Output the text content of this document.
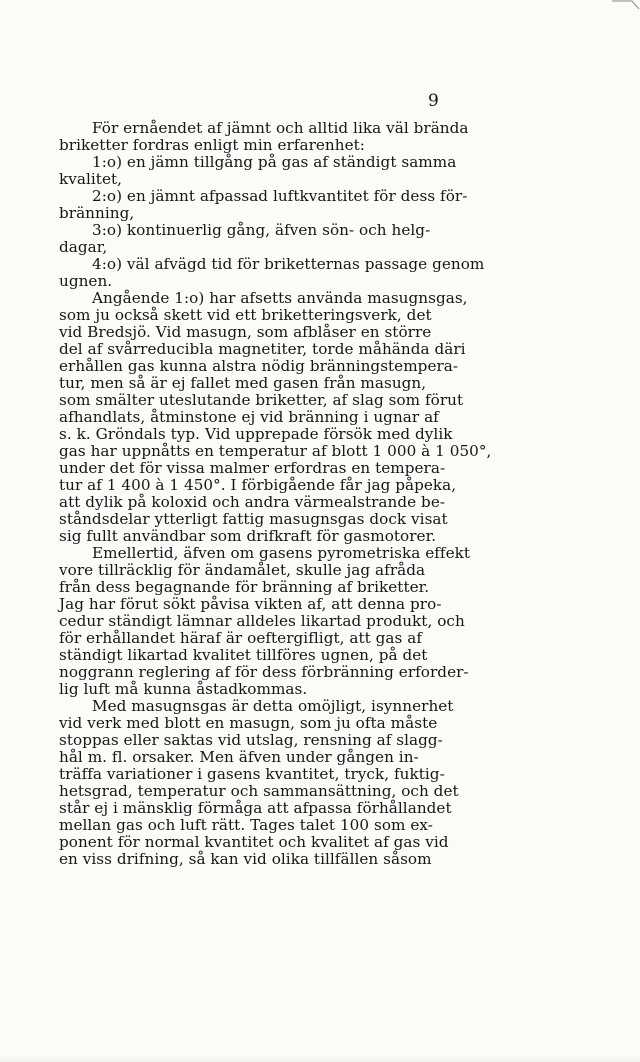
9
För ernåendet af jämnt och alltid lika väl brända
briketter fordras enligt min erfarenhet:
1:o) en jämn tillgång på gas af ständigt samma
kvalitet,
2:o) en jämnt afpassad luftkvantitet för dess för-
bränning,
3:o) kontinuerlig gång, äfven sön- och helg-
dagar,
4:o) väl afvägd tid för briketternas passage genom
ugnen.
Angående 1:o) har afsetts använda masugnsgas,
som ju också skett vid ett briketteringsverk, det
vid Bredsjö. Vid masugn, som afblåser en större
del af svårreducibla magnetiter, torde måhända däri
erhållen gas kunna alstra nödig bränningstempera-
tur, men så är ej fallet med gasen från masugn,
som smälter uteslutande briketter, af slag som förut
afhandlats, åtminstone ej vid bränning i ugnar af
s. k. Gröndals typ. Vid upprepade försök med dylik
gas har uppnåtts en temperatur af blott 1 000 à 1 050°,
under det för vissa malmer erfordras en tempera-
tur af 1 400 à 1 450°. I förbigående får jag påpeka,
att dylik på koloxid och andra värmealstrande be-
ståndsdelar ytterligt fattig masugnsgas dock visat
sig fullt användbar som drifkraft för gasmotorer.
Emellertid, äfven om gasens pyrometriska effekt
vore tillräcklig för ändamålet, skulle jag afråda
från dess begagnande för bränning af briketter.
Jag har förut sökt påvisa vikten af, att denna pro-
cedur ständigt lämnar alldeles likartad produkt, och
för erhållandet häraf är oeftergifligt, att gas af
ständigt likartad kvalitet tillföres ugnen, på det
noggrann reglering af för dess förbränning erforder-
lig luft må kunna åstadkommas.
Med masugnsgas är detta omöjligt, isynnerhet
vid verk med blott en masugn, som ju ofta måste
stoppas eller saktas vid utslag, rensning af slagg-
hål m. fl. orsaker. Men äfven under gången in-
träffa variationer i gasens kvantitet, tryck, fuktig-
hetsgrad, temperatur och sammansättning, och det
står ej i mänsklig förmåga att afpassa förhållandet
mellan gas och luft rätt. Tages talet 100 som ex-
ponent för normal kvantitet och kvalitet af gas vid
en viss drifning, så kan vid olika tillfällen såsom
